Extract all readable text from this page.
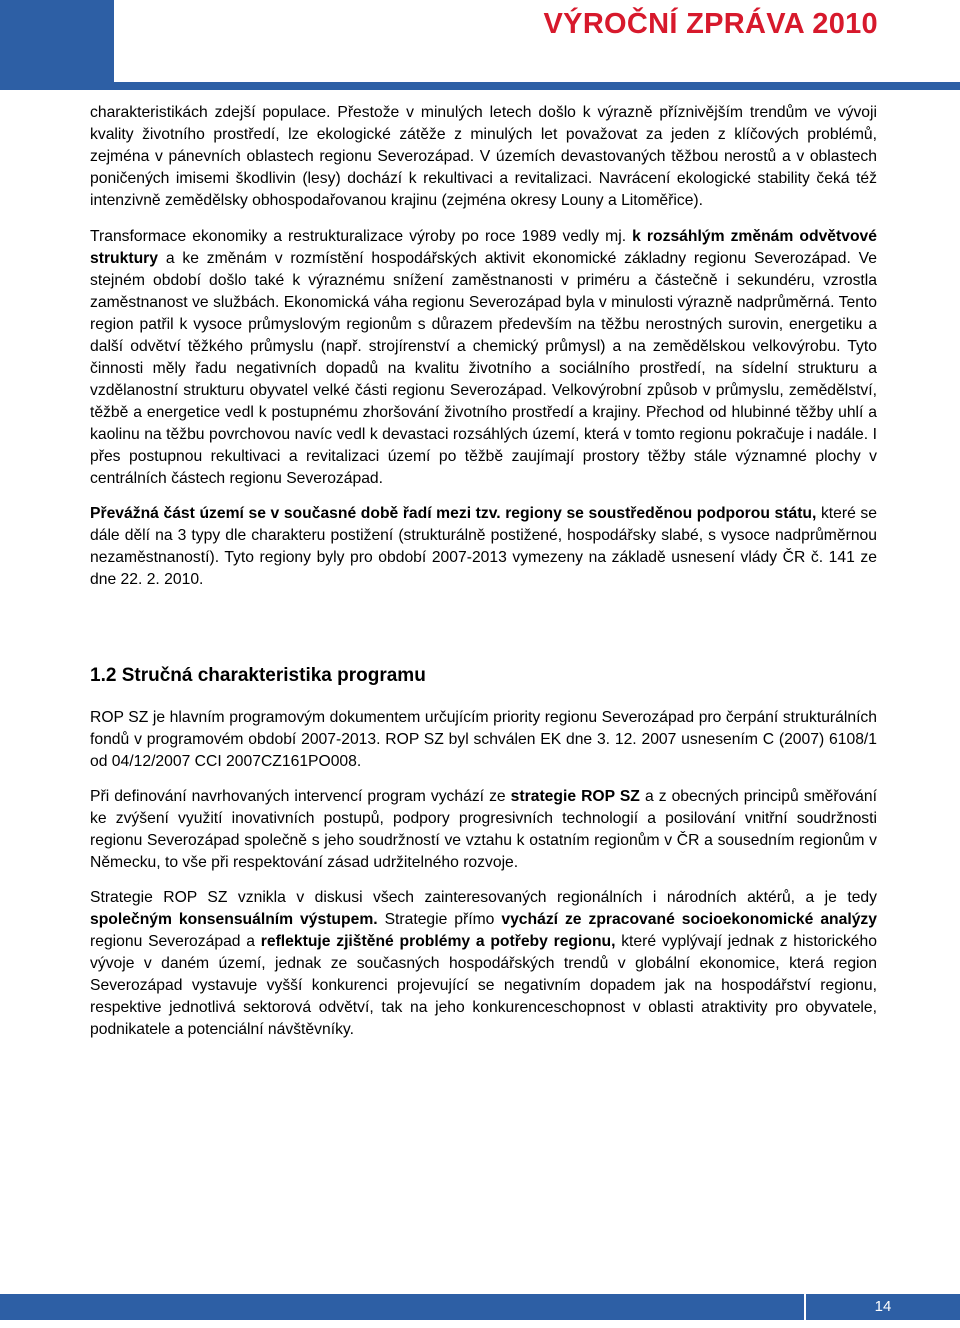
VÝROČNÍ ZPRÁVA 2010

charakteristikách zdejší populace. Přestože v minulých letech došlo k výrazně příznivějším trendům ve vývoji kvality životního prostředí, lze ekologické zátěže z minulých let považovat za jeden z klíčových problémů, zejména v pánevních oblastech regionu Severozápad. V územích devastovaných těžbou nerostů a v oblastech poničených imisemi škodlivin (lesy) dochází k rekultivaci a revitalizaci. Navrácení ekologické stability čeká též intenzivně zemědělsky obhospodařovanou krajinu (zejména okresy Louny a Litoměřice).

Transformace ekonomiky a restrukturalizace výroby po roce 1989 vedly mj. k rozsáhlým změnám odvětvové struktury a ke změnám v rozmístění hospodářských aktivit ekonomické základny regionu Severozápad. Ve stejném období došlo také k výraznému snížení zaměstnanosti v priméru a částečně i sekundéru, vzrostla zaměstnanost ve službách. Ekonomická váha regionu Severozápad byla v minulosti výrazně nadprůměrná. Tento region patřil k vysoce průmyslovým regionům s důrazem především na těžbu nerostných surovin, energetiku a další odvětví těžkého průmyslu (např. strojírenství a chemický průmysl) a na zemědělskou velkovýrobu. Tyto činnosti měly řadu negativních dopadů na kvalitu životního a sociálního prostředí, na sídelní strukturu a vzdělanostní strukturu obyvatel velké části regionu Severozápad. Velkovýrobní způsob v průmyslu, zemědělství, těžbě a energetice vedl k postupnému zhoršování životního prostředí a krajiny. Přechod od hlubinné těžby uhlí a kaolinu na těžbu povrchovou navíc vedl k devastaci rozsáhlých území, která v tomto regionu pokračuje i nadále. I přes postupnou rekultivaci a revitalizaci území po těžbě zaujímají prostory těžby stále významné plochy v centrálních částech regionu Severozápad.

Převážná část území se v současné době řadí mezi tzv. regiony se soustředěnou podporou státu, které se dále dělí na 3 typy dle charakteru postižení (strukturálně postižené, hospodářsky slabé, s vysoce nadprůměrnou nezaměstnaností). Tyto regiony byly pro období 2007-2013 vymezeny na základě usnesení vlády ČR č. 141 ze dne 22. 2. 2010.

1.2 Stručná charakteristika programu

ROP SZ je hlavním programovým dokumentem určujícím priority regionu Severozápad pro čerpání strukturálních fondů v programovém období 2007-2013. ROP SZ byl schválen EK dne 3. 12. 2007 usnesením C (2007) 6108/1 od 04/12/2007 CCI 2007CZ161PO008.

Při definování navrhovaných intervencí program vychází ze strategie ROP SZ a z obecných principů směřování ke zvýšení využití inovativních postupů, podpory progresivních technologií a posilování vnitřní soudržnosti regionu Severozápad společně s jeho soudržností ve vztahu k ostatním regionům v ČR a sousedním regionům v Německu, to vše při respektování zásad udržitelného rozvoje.

Strategie ROP SZ vznikla v diskusi všech zainteresovaných regionálních i národních aktérů, a je tedy společným konsensuálním výstupem. Strategie přímo vychází ze zpracované socioekonomické analýzy regionu Severozápad a reflektuje zjištěné problémy a potřeby regionu, které vyplývají jednak z historického vývoje v daném území, jednak ze současných hospodářských trendů v globální ekonomice, která region Severozápad vystavuje vyšší konkurenci projevující se negativním dopadem jak na hospodářství regionu, respektive jednotlivá sektorová odvětví, tak na jeho konkurenceschopnost v oblasti atraktivity pro obyvatele, podnikatele a potenciální návštěvníky.

14
